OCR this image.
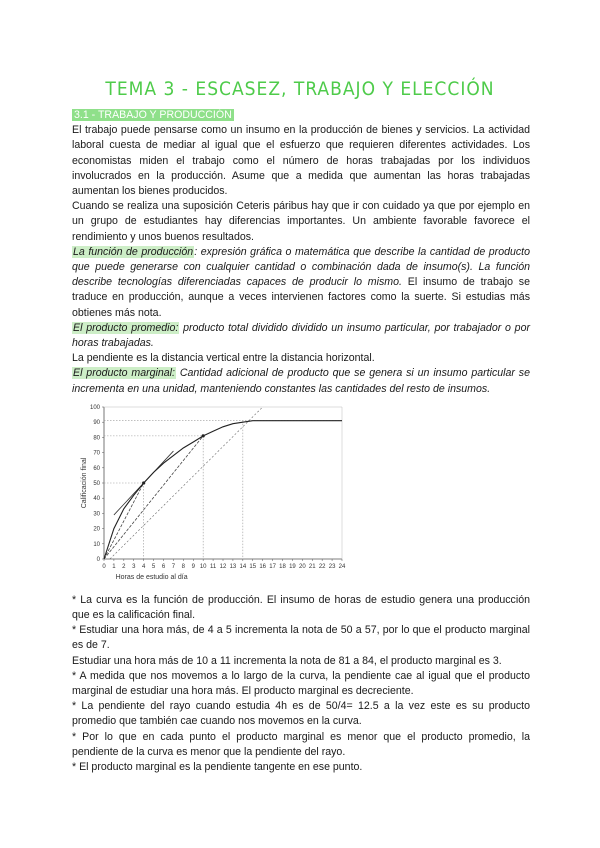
TEMA 3 - ESCASEZ, TRABAJO Y ELECCIÓN

3.1 - TRABAJO Y PRODUCCIÓN

El trabajo puede pensarse como un insumo en la producción de bienes y servicios. La actividad laboral cuesta de mediar al igual que el esfuerzo que requieren diferentes actividades. Los economistas miden el trabajo como el número de horas trabajadas por los individuos involucrados en la producción. Asume que a medida que aumentan las horas trabajadas aumentan los bienes producidos.

Cuando se realiza una suposición Ceteris páribus hay que ir con cuidado ya que por ejemplo en un grupo de estudiantes hay diferencias importantes. Un ambiente favorable favorece el rendimiento y unos buenos resultados.

La función de producción: expresión gráfica o matemática que describe la cantidad de producto que puede generarse con cualquier cantidad o combinación dada de insumo(s). La función describe tecnologías diferenciadas capaces de producir lo mismo. El insumo de trabajo se traduce en producción, aunque a veces intervienen factores como la suerte. Si estudias más obtienes más nota.

El producto promedio: producto total dividido dividido un insumo particular, por trabajador o por horas trabajadas.

La pendiente es la distancia vertical entre la distancia horizontal.

El producto marginal: Cantidad adicional de producto que se genera si un insumo particular se incrementa en una unidad, manteniendo constantes las cantidades del resto de insumos.

0 1 2 3 4 5 6 7 8 9 10 11 12 13 14 15 16 17 18 19 20 21 22 23 24
0
10
20
30
40
50
60
70
80
90
100
Horas de estudio al día
Calificación final

* La curva es la función de producción. El insumo de horas de estudio genera una producción que es la calificación final.

* Estudiar una hora más, de 4 a 5 incrementa la nota de 50 a 57, por lo que el producto marginal es de 7.

Estudiar una hora más de 10 a 11 incrementa la nota de 81 a 84, el producto marginal es 3.

* A medida que nos movemos a lo largo de la curva, la pendiente cae al igual que el producto marginal de estudiar una hora más. El producto marginal es decreciente.

* La pendiente del rayo cuando estudia 4h es de 50/4= 12.5 a la vez este es su producto promedio que también cae cuando nos movemos en la curva.

* Por lo que en cada punto el producto marginal es menor que el producto promedio, la pendiente de la curva es menor que la pendiente del rayo.

* El producto marginal es la pendiente tangente en ese punto.
